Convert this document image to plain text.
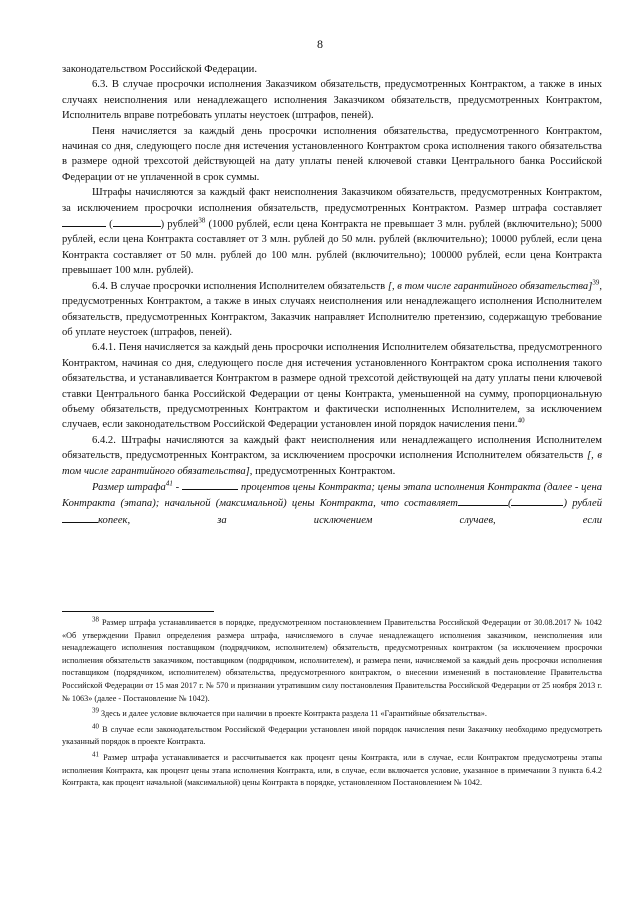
8

законодательством Российской Федерации.

6.3. В случае просрочки исполнения Заказчиком обязательств, предусмотренных Контрактом, а также в иных случаях неисполнения или ненадлежащего исполнения Заказчиком обязательств, предусмотренных Контрактом, Исполнитель вправе потребовать уплаты неустоек (штрафов, пеней).

Пеня начисляется за каждый день просрочки исполнения обязательства, предусмотренного Контрактом, начиная со дня, следующего после дня истечения установленного Контрактом срока исполнения такого обязательства в размере одной трехсотой действующей на дату уплаты пеней ключевой ставки Центрального банка Российской Федерации от не уплаченной в срок суммы.

Штрафы начисляются за каждый факт неисполнения Заказчиком обязательств, предусмотренных Контрактом, за исключением просрочки исполнения обязательств, предусмотренных Контрактом. Размер штрафа составляет  (	) рублей$^{38}$ (1000 рублей, если цена Контракта не превышает 3 млн. рублей (включительно); 5000 рублей, если цена Контракта составляет от 3 млн. рублей до 50 млн. рублей (включительно); 10000 рублей, если цена Контракта составляет от 50 млн. рублей до 100 млн. рублей (включительно); 100000 рублей, если цена Контракта превышает 100 млн. рублей).

6.4. В случае просрочки исполнения Исполнителем обязательств [, в том числе гарантийного обязательства]$^{39}$, предусмотренных Контрактом, а также в иных случаях неисполнения или ненадлежащего исполнения Исполнителем обязательств, предусмотренных Контрактом, Заказчик направляет Исполнителю претензию, содержащую требование об уплате неустоек (штрафов, пеней).

6.4.1. Пеня начисляется за каждый день просрочки исполнения Исполнителем обязательства, предусмотренного Контрактом, начиная со дня, следующего после дня истечения установленного Контрактом срока исполнения такого обязательства, и устанавливается Контрактом в размере одной трехсотой действующей на дату уплаты пени ключевой ставки Центрального банка Российской Федерации от цены Контракта, уменьшенной на сумму, пропорциональную объему обязательств, предусмотренных Контрактом и фактически исполненных Исполнителем, за исключением случаев, если законодательством Российской Федерации установлен иной порядок начисления пени.$^{40}$

6.4.2. Штрафы начисляются за каждый факт неисполнения или ненадлежащего исполнения Исполнителем обязательств, предусмотренных Контрактом, за исключением просрочки исполнения Исполнителем обязательств [, в том числе гарантийного обязательства], предусмотренных Контрактом.

Размер штрафа$^{41}$ -	процентов цены Контракта; цены этапа исполнения Контракта (далее - цена Контракта (этапа); начальной (максимальной) цены Контракта, что составляет	(	) рублейкопеек, за исключением случаев, если

$^{38}$ Размер штрафа устанавливается в порядке, предусмотренном постановлением Правительства Российской Федерации от 30.08.2017 № 1042 «Об утверждении Правил определения размера штрафа, начисляемого в случае ненадлежащего исполнения заказчиком, неисполнения или ненадлежащего исполнения поставщиком (подрядчиком, исполнителем) обязательств, предусмотренных контрактом (за исключением просрочки исполнения обязательств заказчиком, поставщиком (подрядчиком, исполнителем), и размера пени, начисляемой за каждый день просрочки исполнения поставщиком (подрядчиком, исполнителем) обязательства, предусмотренного контрактом, о внесении изменений в постановление Правительства Российской Федерации от 15 мая 2017 г. № 570 и признании утратившим силу постановления Правительства Российской Федерации от 25 ноября 2013 г. № 1063» (далее - Постановление № 1042).

$^{39}$ Здесь и далее условие включается при наличии в проекте Контракта раздела 11 «Гарантийные обязательства».

$^{40}$ В случае если законодательством Российской Федерации установлен иной порядок начисления пени Заказчику необходимо предусмотреть указанный порядок в проекте Контракта.

$^{41}$ Размер штрафа устанавливается и рассчитывается как процент цены Контракта, или в случае, если Контрактом предусмотрены этапы исполнения Контракта, как процент цены этапа исполнения Контракта, или, в случае, если включается условие, указанное в примечании 3 пункта 6.4.2 Контракта, как процент начальной (максимальной) цены Контракта в порядке, установленном Постановлением № 1042.
